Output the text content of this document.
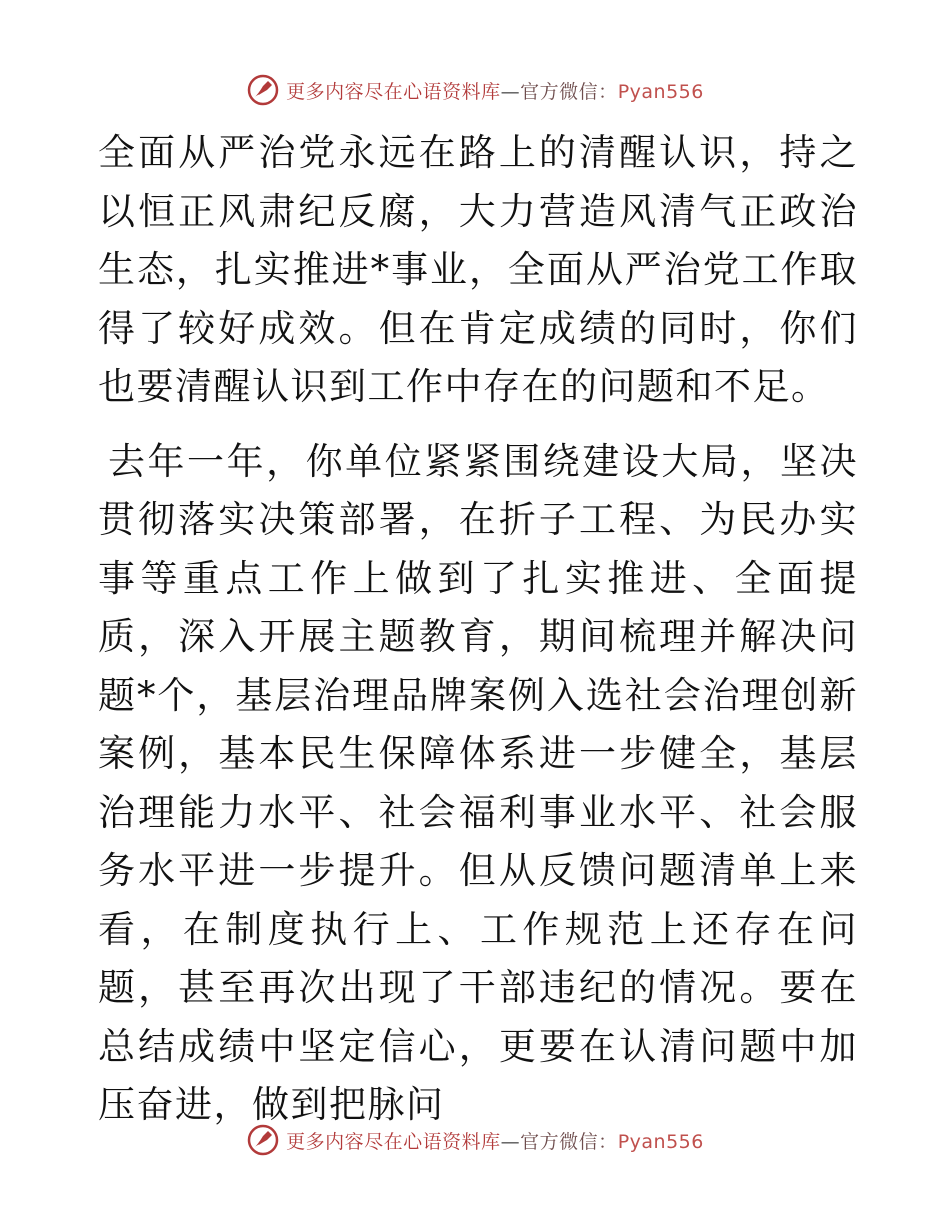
更多内容尽在心语资料库—官方微信：Pyan556

全面从严治党永远在路上的清醒认识，持之以恒正风肃纪反腐，大力营造风清气正政治生态，扎实推进*事业，全面从严治党工作取得了较好成效。但在肯定成绩的同时，你们也要清醒认识到工作中存在的问题和不足。

去年一年，你单位紧紧围绕建设大局，坚决贯彻落实决策部署，在折子工程、为民办实事等重点工作上做到了扎实推进、全面提质，深入开展主题教育，期间梳理并解决问题*个，基层治理品牌案例入选社会治理创新案例，基本民生保障体系进一步健全，基层治理能力水平、社会福利事业水平、社会服务水平进一步提升。但从反馈问题清单上来看，在制度执行上、工作规范上还存在问题，甚至再次出现了干部违纪的情况。要在总结成绩中坚定信心，更要在认清问题中加压奋进，做到把脉问

更多内容尽在心语资料库—官方微信：Pyan556
